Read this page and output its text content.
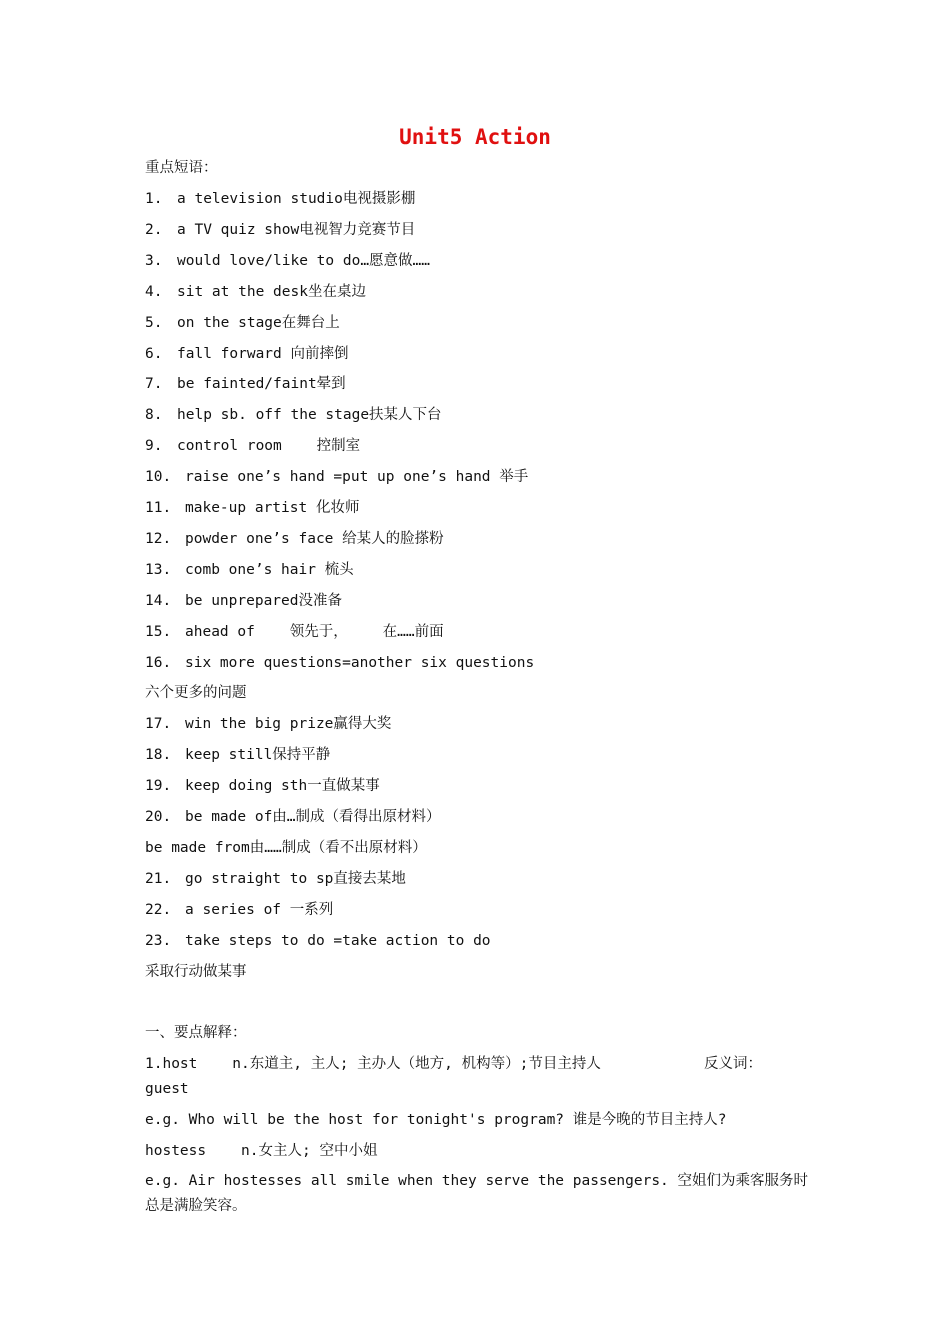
Unit5 Action
重点短语：
1. a television studio电视摄影棚
2. a TV quiz show电视智力竞赛节目
3. would love/like to do…愿意做……
4. sit at the desk坐在桌边
5. on the stage在舞台上
6. fall forward 向前摔倒
7. be fainted/faint晕到
8. help sb. off the stage扶某人下台
9. control room    控制室
10. raise one’s hand =put up one’s hand 举手
11. make-up artist 化妆师
12. powder one’s face 给某人的脸搽粉
13. comb one’s hair 梳头
14. be unprepared没准备
15. ahead of    领先于，    在……前面
16. six more questions=another six questions
六个更多的问题
17. win the big prize赢得大奖
18. keep still保持平静
19. keep doing sth一直做某事
20. be made of由…制成（看得出原材料）
be made from由……制成（看不出原材料）
21. go straight to sp直接去某地
22. a series of 一系列
23. take steps to do =take action to do
采取行动做某事
一、要点解释：
1.host    n.东道主, 主人; 主办人（地方, 机构等）;节目主持人	反义词：
guest
e.g. Who will be the host for tonight's program? 谁是今晚的节目主持人?
hostess    n.女主人; 空中小姐
e.g. Air hostesses all smile when they serve the passengers. 空姐们为乘客服务时总是满脸笑容。
